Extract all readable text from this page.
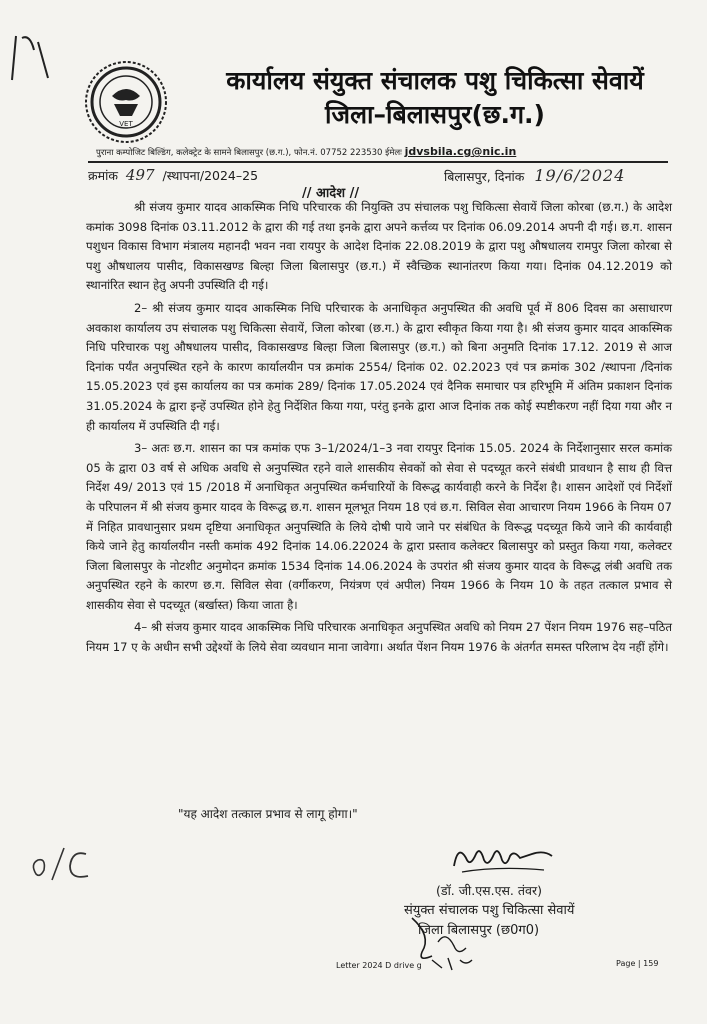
VET
कार्यालय संयुक्त संचालक पशु चिकित्सा सेवायें
जिला–बिलासपुर(छ.ग.)
पुराना कम्पोजिट बिल्डिंग, कलेक्ट्रेट के सामने बिलासपुर (छ.ग.), फोन.नं. 07752 223530 ईमेलः jdvsbila.cg@nic.in
क्रमांक 497 /स्थापना/2024–25	बिलासपुर, दिनांक 19/6/2024
// आदेश //

श्री संजय कुमार यादव आकस्मिक निधि परिचारक की नियुक्ति उप संचालक पशु चिकित्सा सेवायें जिला कोरबा (छ.ग.) के आदेश कमांक 3098 दिनांक 03.11.2012 के द्वारा की गई तथा इनके द्वारा अपने कर्त्तव्य पर दिनांक 06.09.2014 अपनी दी गई। छ.ग. शासन पशुधन विकास विभाग मंत्रालय महानदी भवन नवा रायपुर के आदेश दिनांक 22.08.2019 के द्वारा पशु औषधालय रामपुर जिला कोरबा से पशु औषधालय पासीद, विकासखण्ड बिल्हा जिला बिलासपुर (छ.ग.) में स्वैच्छिक स्थानांतरण किया गया। दिनांक 04.12.2019 को स्थानांरित स्थान हेतु अपनी उपस्थिति दी गई।

2– श्री संजय कुमार यादव आकस्मिक निधि परिचारक के अनाधिकृत अनुपस्थित की अवधि पूर्व में 806 दिवस का असाधारण अवकाश कार्यालय उप संचालक पशु चिकित्सा सेवायें, जिला कोरबा (छ.ग.) के द्वारा स्वीकृत किया गया है। श्री संजय कुमार यादव आकस्मिक निधि परिचारक पशु औषधालय पासीद, विकासखण्ड बिल्हा जिला बिलासपुर (छ.ग.) को बिना अनुमति दिनांक 17.12. 2019 से आज दिनांक पर्यंत अनुपस्थित रहने के कारण कार्यालयीन पत्र क्रमांक 2554/ दिनांक 02. 02.2023 एवं पत्र क्रमांक 302 /स्थापना /दिनांक 15.05.2023 एवं इस कार्यालय का पत्र कमांक 289/ दिनांक 17.05.2024 एवं दैनिक समाचार पत्र हरिभूमि में अंतिम प्रकाशन दिनांक 31.05.2024 के द्वारा इन्हें उपस्थित होने हेतु निर्देशित किया गया, परंतु इनके द्वारा आज दिनांक तक कोई स्पष्टीकरण नहीं दिया गया और न ही कार्यालय में उपस्थिति दी गई।

3– अतः छ.ग. शासन का पत्र कमांक एफ 3–1/2024/1–3 नवा रायपुर दिनांक 15.05. 2024 के निर्देशानुसार सरल कमांक 05 के द्वारा 03 वर्ष से अधिक अवधि से अनुपस्थित रहने वाले शासकीय सेवकों को सेवा से पदच्यूत करने संबंधी प्रावधान है साथ ही वित्त निर्देश 49/ 2013 एवं 15 /2018 में अनाधिकृत अनुपस्थित कर्मचारियों के विरूद्ध कार्यवाही करने के निर्देश है। शासन आदेशों एवं निर्देशों के परिपालन में श्री संजय कुमार यादव के विरूद्ध छ.ग. शासन मूलभूत नियम 18 एवं छ.ग. सिविल सेवा आचारण नियम 1966 के नियम 07 में निहित प्रावधानुसार प्रथम दृष्टिया अनाधिकृत अनुपस्थिति के लिये दोषी पाये जाने पर संबंधित के विरूद्ध पदच्यूत किये जाने की कार्यवाही किये जाने हेतु कार्यालयीन नस्ती कमांक 492 दिनांक 14.06.22024 के द्वारा प्रस्ताव कलेक्टर बिलासपुर को प्रस्तुत किया गया, कलेक्टर जिला बिलासपुर के नोटशीट अनुमोदन क्रमांक 1534 दिनांक 14.06.2024 के उपरांत श्री संजय कुमार यादव के विरूद्ध लंबी अवधि तक अनुपस्थित रहने के कारण छ.ग. सिविल सेवा (वर्गीकरण, नियंत्रण एवं अपील) नियम 1966 के नियम 10 के तहत तत्काल प्रभाव से शासकीय सेवा से पदच्यूत (बर्खास्त) किया जाता है।

4– श्री संजय कुमार यादव आकस्मिक निधि परिचारक अनाधिकृत अनुपस्थित अवधि को नियम 27 पेंशन नियम 1976 सह–पठित नियम 17 ए के अधीन सभी उद्देश्यों के लिये सेवा व्यवधान माना जावेगा। अर्थात पेंशन नियम 1976 के अंतर्गत समस्त परिलाभ देय नहीं होंगे।

"यह आदेश तत्काल प्रभाव से लागू होगा।"
O/C
(डॉ. जी.एस.एस. तंवर)
संयुक्त संचालक पशु चिकित्सा सेवायें
जिला बिलासपुर (छ0ग0)
Letter 2024 D drive g	Page | 159
